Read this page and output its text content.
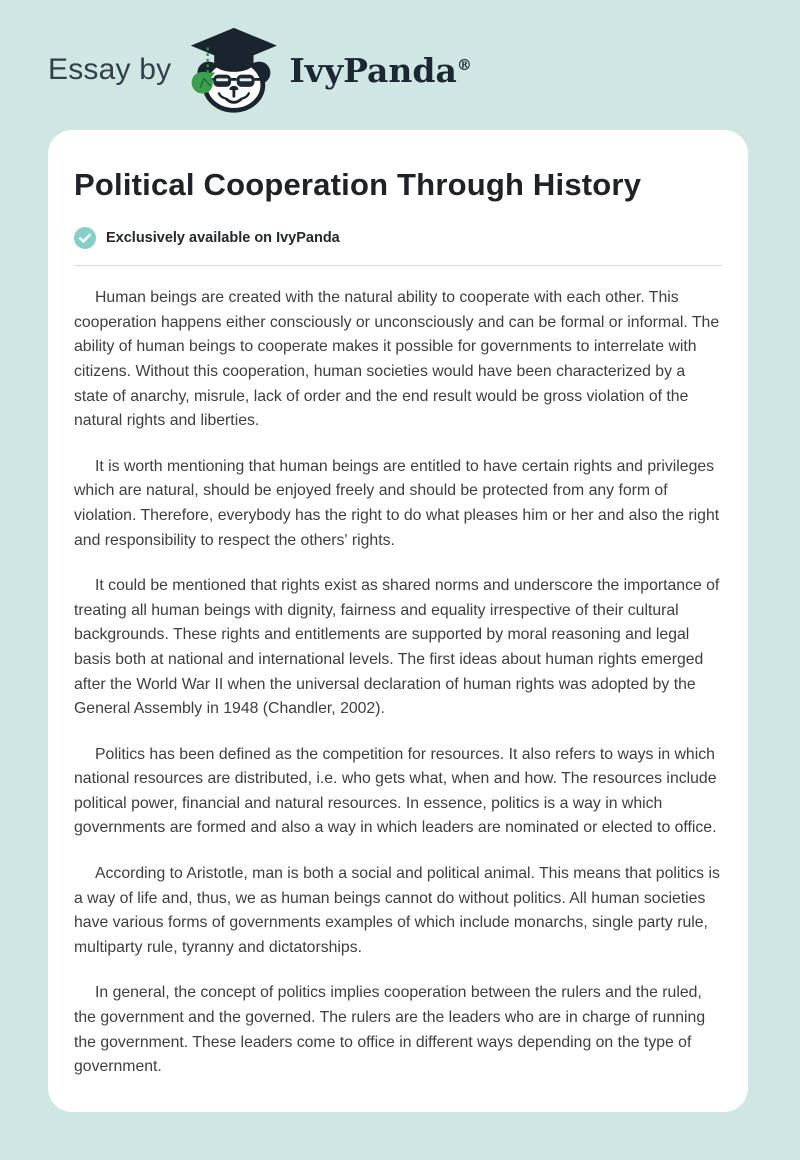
Essay by	IvyPanda®
Political Cooperation Through History
Exclusively available on IvyPanda

Human beings are created with the natural ability to cooperate with each other. This cooperation happens either consciously or unconsciously and can be formal or informal. The ability of human beings to cooperate makes it possible for governments to interrelate with citizens. Without this cooperation, human societies would have been characterized by a state of anarchy, misrule, lack of order and the end result would be gross violation of the natural rights and liberties.

It is worth mentioning that human beings are entitled to have certain rights and privileges which are natural, should be enjoyed freely and should be protected from any form of violation. Therefore, everybody has the right to do what pleases him or her and also the right and responsibility to respect the others' rights.

It could be mentioned that rights exist as shared norms and underscore the importance of treating all human beings with dignity, fairness and equality irrespective of their cultural backgrounds. These rights and entitlements are supported by moral reasoning and legal basis both at national and international levels. The first ideas about human rights emerged after the World War II when the universal declaration of human rights was adopted by the General Assembly in 1948 (Chandler, 2002).

Politics has been defined as the competition for resources. It also refers to ways in which national resources are distributed, i.e. who gets what, when and how. The resources include political power, financial and natural resources. In essence, politics is a way in which governments are formed and also a way in which leaders are nominated or elected to office.

According to Aristotle, man is both a social and political animal. This means that politics is a way of life and, thus, we as human beings cannot do without politics. All human societies have various forms of governments examples of which include monarchs, single party rule, multiparty rule, tyranny and dictatorships.

In general, the concept of politics implies cooperation between the rulers and the ruled, the government and the governed. The rulers are the leaders who are in charge of running the government. These leaders come to office in different ways depending on the type of government.
